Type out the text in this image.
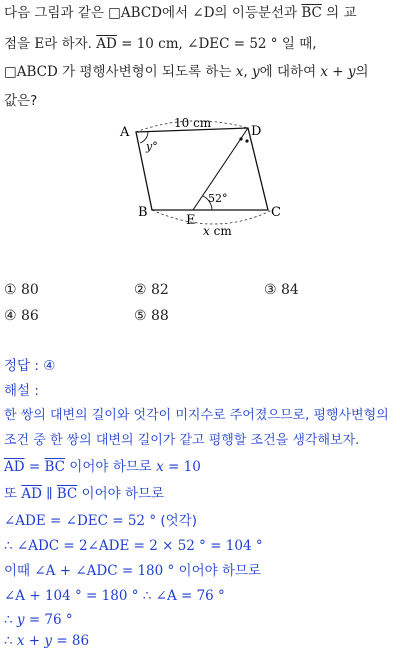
다음 그림과 같은 □ABCD에서 ∠D의 이등분선과 $\overline{BC}$ 의 교
점을 E라 하자. $\overline{AD} = 10$ cm, ∠DEC = 52 ° 일 때,
□ABCD 가 평행사변형이 되도록 하는 x, y에 대하여 x + y의
값은?
A	D
B	C
E
10 cm
x cm
y°
52°
① 80	② 82	③ 84
④ 86	⑤ 88
정답 : ④
해설 :
한 쌍의 대변의 길이와 엇각이 미지수로 주어졌으므로, 평행사변형의
조건 중 한 쌍의 대변의 길이가 같고 평행할 조건을 생각해보자.
$\overline{AD} = \overline{BC}$ 이어야 하므로 x = 10
또 $\overline{AD}$ ∥ $\overline{BC}$ 이어야 하므로
∠ADE = ∠DEC = 52 ° (엇각)
∴ ∠ADC = 2∠ADE = 2 × 52 ° = 104 °
이때 ∠A + ∠ADC = 180 ° 이어야 하므로
∠A + 104 ° = 180 ° ∴ ∠A = 76 °
∴ y = 76 °
∴ x + y = 86
